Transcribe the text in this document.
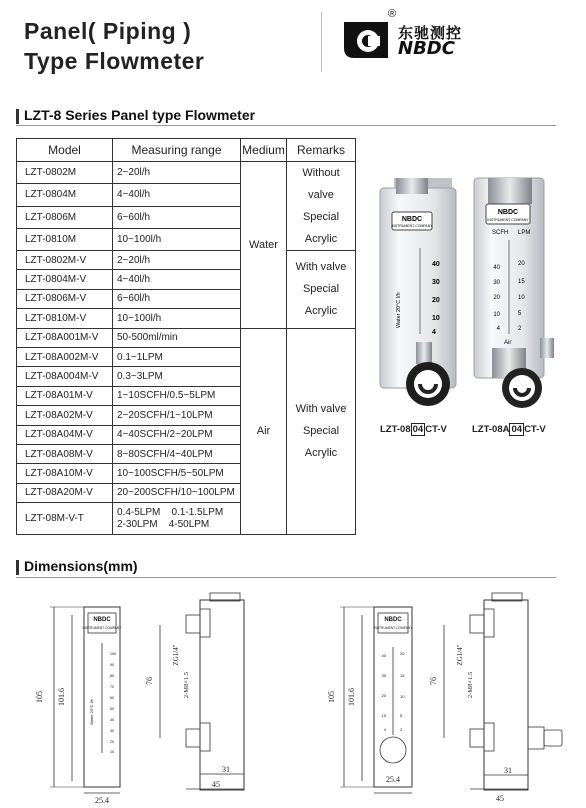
Panel( Piping )
Type Flowmeter
®
东驰测控
NBDC
LZT-8 Series Panel type Flowmeter
Model	Measuring range	Medium	Remarks
LZT-0802M	2~20l/h	Water	Without valve
Special
Acrylic

LZT-0804M	4~40l/h		
LZT-0806M	6~60l/h		
LZT-0810M	10~100l/h		
LZT-0802M-V	2~20l/h		With valve
Special
Acrylic

LZT-0804M-V	4~40l/h		
LZT-0806M-V	6~60l/h		
LZT-0810M-V	10~100l/h		
LZT-08A001M-V	50-500ml/min	Air	With valve
Special
Acrylic

LZT-08A002M-V	0.1~1LPM		
LZT-08A004M-V	0.3~3LPM		
LZT-08A01M-V	1~10SCFH/0.5~5LPM		
LZT-08A02M-V	2~20SCFH/1~10LPM		
LZT-08A04M-V	4~40SCFH/2~20LPM		
LZT-08A08M-V	8~80SCFH/4~40LPM		
LZT-08A10M-V	10~100SCFH/5~50LPM		
LZT-08A20M-V	20~200SCFH/10~100LPM		
LZT-08M-V-T	0.4-5LPM    0.1-1.5LPM
2-30LPM    4-50LPM		
NBDC
INSTRUMENT COMPANY
SCFH LPM
40
30
20
10
4
20
15
10
5
2
Air
NBDC
INSTRUMENT COMPANY
Water 20°C l/h
40
30
20
10
4
LZT-08 04 CT-V	LZT-08A 04 CT-V
Dimensions(mm)
NBDC
INSTRUMENT COMPANY
100
90
80
70
60
50
40
30
20
10
Water 20°C l/h
105 101.6
25.4
76
ZG1/4"
2-M8×1.5
31
45
NBDC
INSTRUMENT COMPANY
40
30
20
10
4
20
15
10
5
2
105 101.6
25.4
76
ZG1/4"
2-M8×1.5
31
45
